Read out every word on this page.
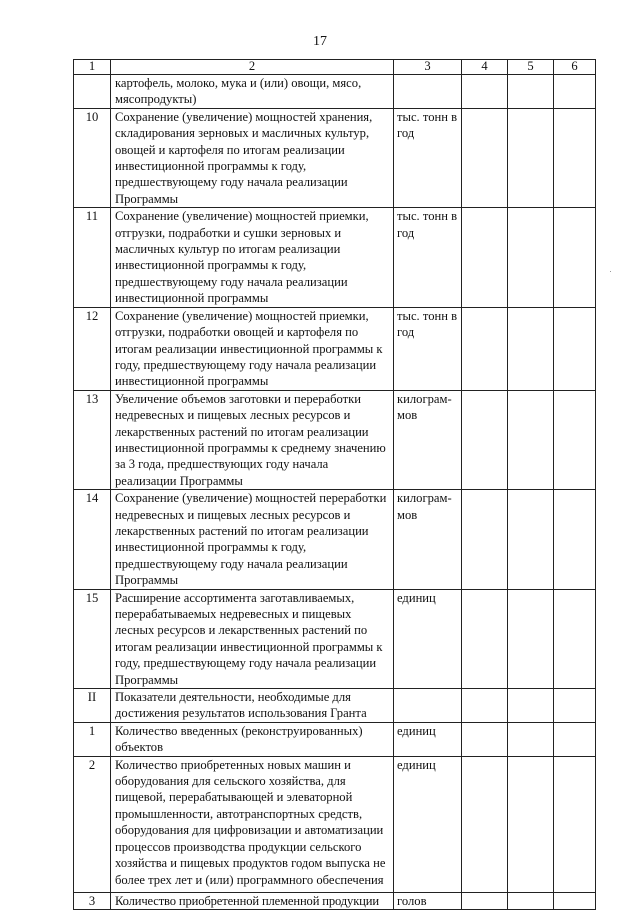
17
1	2	3	4	5	6
	картофель, молоко, мука и (или) овощи, мясо, мясопродукты)				
10	Сохранение (увеличение) мощностей хранения, складирования зерновых и масличных культур, овощей и картофеля по итогам реализации инвестиционной программы к году, предшествующему году начала реализации Программы	тыс. тонн в год			
11	Сохранение (увеличение) мощностей приемки, отгрузки, подработки и сушки зерновых и масличных культур по итогам реализации инвестиционной программы к году, предшествующему году начала реализации инвестиционной программы	тыс. тонн в год			
12	Сохранение (увеличение) мощностей приемки, отгрузки, подработки овощей и картофеля по итогам реализации инвестиционной программы к году, предшествующему году начала реализации инвестиционной программы	тыс. тонн в год			
13	Увеличение объемов заготовки и переработки недревесных и пищевых лесных ресурсов и лекарственных растений по итогам реализации инвестиционной программы к среднему значению за 3 года, предшествующих году начала реализации Программы	килограм-мов			
14	Сохранение (увеличение) мощностей переработки недревесных и пищевых лесных ресурсов и лекарственных растений по итогам реализации инвестиционной программы к году, предшествующему году начала реализации Программы	килограм-мов			
15	Расширение ассортимента заготавливаемых, перерабатываемых недревесных и пищевых лесных ресурсов и лекарственных растений по итогам реализации инвестиционной программы к году, предшествующему году начала реализации Программы	единиц			
II	Показатели деятельности, необходимые для достижения результатов использования Гранта				
1	Количество введенных (реконструированных) объектов	единиц			
2	Количество приобретенных новых машин и оборудования для сельского хозяйства, для пищевой, перерабатывающей и элеваторной промышленности, автотранспортных средств, оборудования для цифровизации и автоматизации процессов производства продукции сельского хозяйства и пищевых продуктов годом выпуска не более трех лет и (или) программного обеспечения	единиц			
3	Количество приобретенной племенной продукции	голов			
